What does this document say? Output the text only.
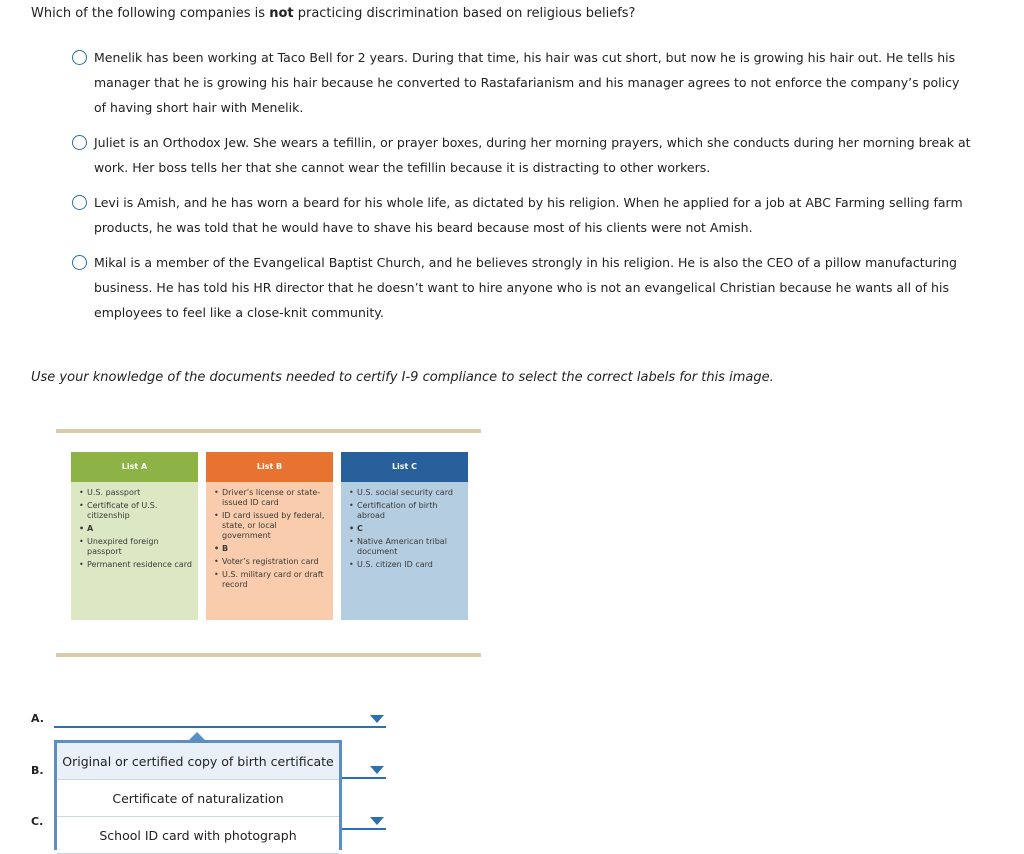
Which of the following companies is not practicing discrimination based on religious beliefs?
Menelik has been working at Taco Bell for 2 years. During that time, his hair was cut short, but now he is growing his hair out. He tells his manager that he is growing his hair because he converted to Rastafarianism and his manager agrees to not enforce the company’s policy of having short hair with Menelik.
Juliet is an Orthodox Jew. She wears a tefillin, or prayer boxes, during her morning prayers, which she conducts during her morning break at work. Her boss tells her that she cannot wear the tefillin because it is distracting to other workers.
Levi is Amish, and he has worn a beard for his whole life, as dictated by his religion. When he applied for a job at ABC Farming selling farm products, he was told that he would have to shave his beard because most of his clients were not Amish.
Mikal is a member of the Evangelical Baptist Church, and he believes strongly in his religion. He is also the CEO of a pillow manufacturing business. He has told his HR director that he doesn’t want to hire anyone who is not an evangelical Christian because he wants all of his employees to feel like a close-knit community.
Use your knowledge of the documents needed to certify I-9 compliance to select the correct labels for this image.
List A
• U.S. passport
• Certificate of U.S. citizenship
• A
• Unexpired foreign passport
• Permanent residence card
List B
• Driver’s license or state-issued ID card
• ID card issued by federal, state, or local government
• B
• Voter’s registration card
• U.S. military card or draft record
List C
• U.S. social security card
• Certification of birth abroad
• C
• Native American tribal document
• U.S. citizen ID card
A.
B.
C.
Original or certified copy of birth certificate
Certificate of naturalization
School ID card with photograph
